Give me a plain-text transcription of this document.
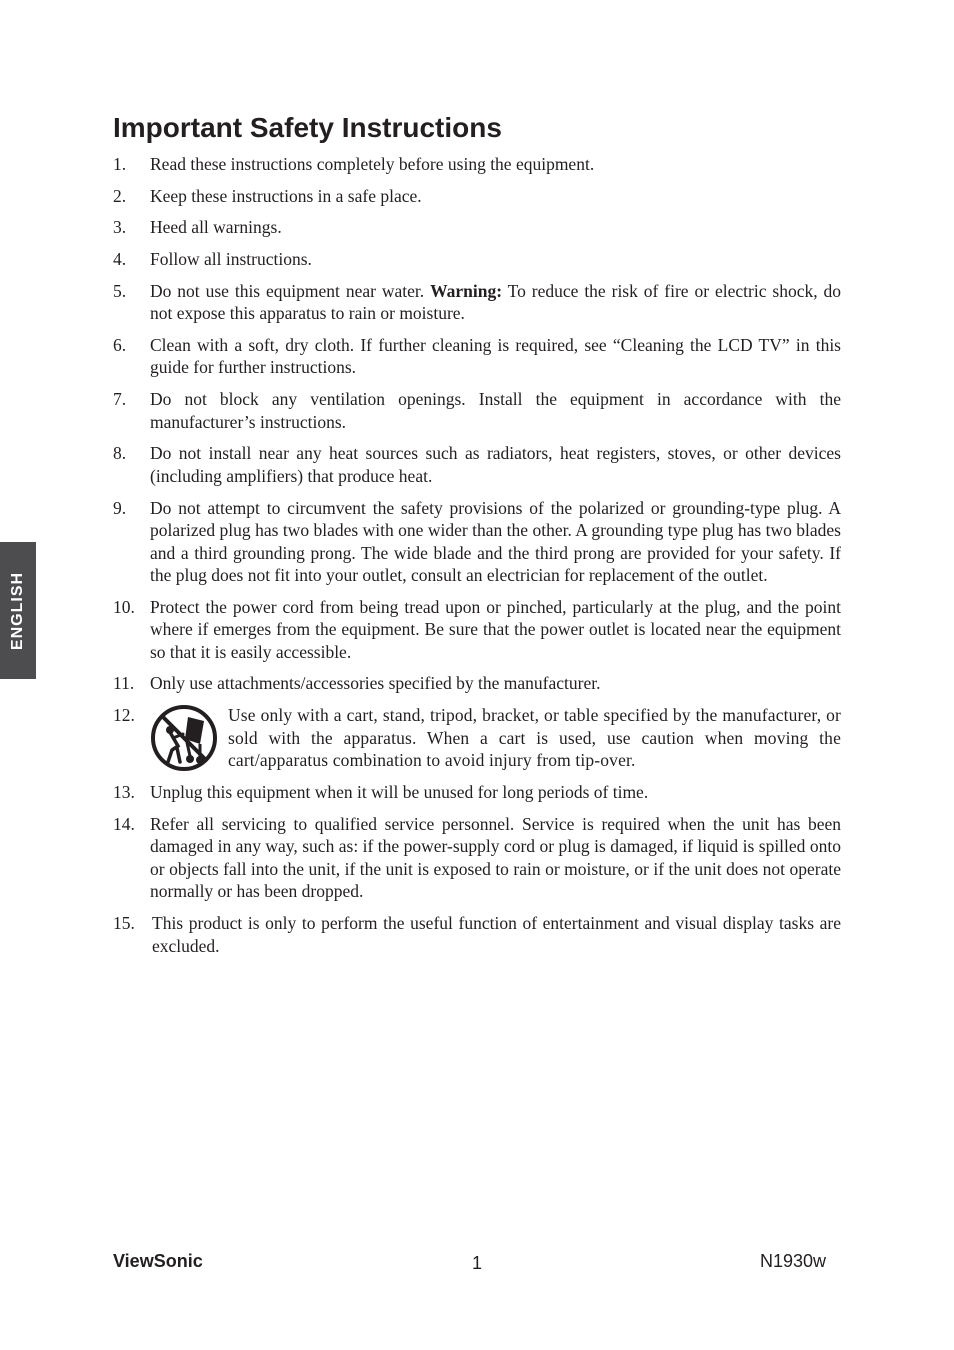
Important Safety Instructions
1. Read these instructions completely before using the equipment.
2. Keep these instructions in a safe place.
3. Heed all warnings.
4. Follow all instructions.
5. Do not use this equipment near water. Warning: To reduce the risk of fire or electric shock, do not expose this apparatus to rain or moisture.
6. Clean with a soft, dry cloth. If further cleaning is required, see “Cleaning the LCD TV” in this guide for further instructions.
7. Do not block any ventilation openings. Install the equipment in accordance with the manufacturer’s instructions.
8. Do not install near any heat sources such as radiators, heat registers, stoves, or other devices (including amplifiers) that produce heat.
9. Do not attempt to circumvent the safety provisions of the polarized or grounding-type plug. A polarized plug has two blades with one wider than the other. A grounding type plug has two blades and a third grounding prong. The wide blade and the third prong are provided for your safety. If the plug does not fit into your outlet, consult an electrician for replacement of the outlet.
10. Protect the power cord from being tread upon or pinched, particularly at the plug, and the point where if emerges from the equipment. Be sure that the power outlet is located near the equipment so that it is easily accessible.
11. Only use attachments/accessories specified by the manufacturer.
12.	Use only with a cart, stand, tripod, bracket, or table specified by the manufacturer, or sold with the apparatus. When a cart is used, use caution when moving the cart/apparatus combination to avoid injury from tip-over.
13. Unplug this equipment when it will be unused for long periods of time.
14. Refer all servicing to qualified service personnel. Service is required when the unit has been damaged in any way, such as: if the power-supply cord or plug is damaged, if liquid is spilled onto or objects fall into the unit, if the unit is exposed to rain or moisture, or if the unit does not operate normally or has been dropped.
15. This product is only to perform the useful function of entertainment and visual display tasks are excluded.
ENGLISH
ViewSonic	1	N1930w
